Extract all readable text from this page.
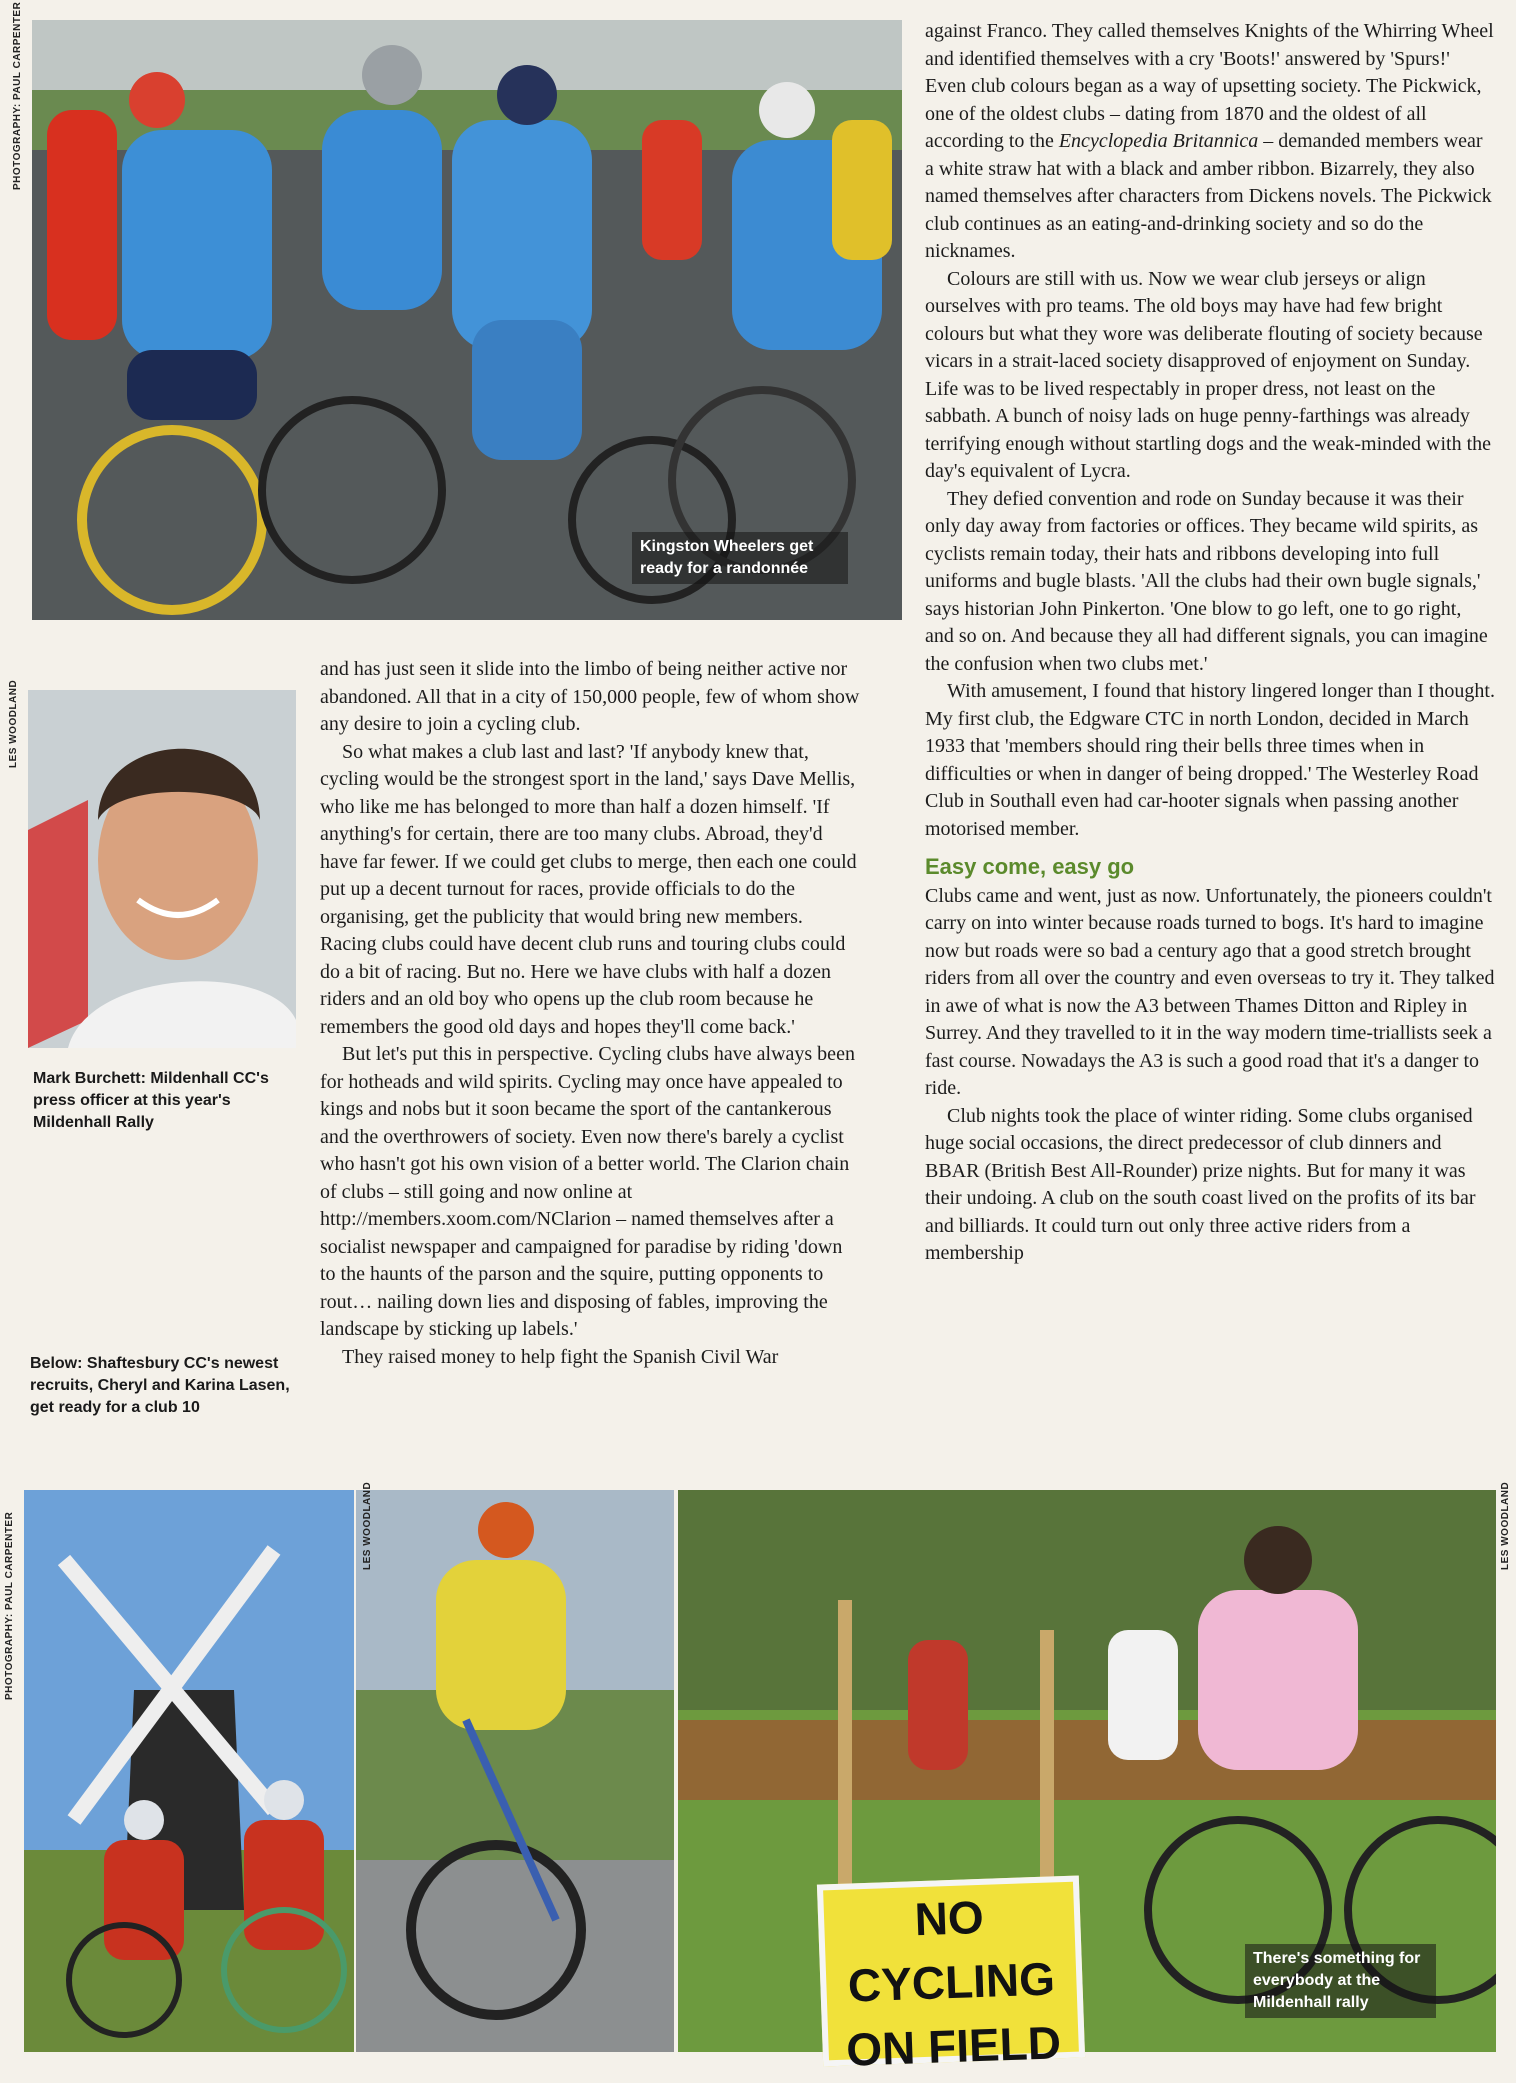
Kingston Wheelers get ready for a randonnée
PHOTOGRAPHY: PAUL CARPENTER
LES WOODLAND
Mark Burchett: Mildenhall CC's press officer at this year's Mildenhall Rally
Below: Shaftesbury CC's newest recruits, Cheryl and Karina Lasen, get ready for a club 10

and has just seen it slide into the limbo of being neither active nor abandoned. All that in a city of 150,000 people, few of whom show any desire to join a cycling club.

So what makes a club last and last? 'If anybody knew that, cycling would be the strongest sport in the land,' says Dave Mellis, who like me has belonged to more than half a dozen himself. 'If anything's for certain, there are too many clubs. Abroad, they'd have far fewer. If we could get clubs to merge, then each one could put up a decent turnout for races, provide officials to do the organising, get the publicity that would bring new members. Racing clubs could have decent club runs and touring clubs could do a bit of racing. But no. Here we have clubs with half a dozen riders and an old boy who opens up the club room because he remembers the good old days and hopes they'll come back.'

But let's put this in perspective. Cycling clubs have always been for hotheads and wild spirits. Cycling may once have appealed to kings and nobs but it soon became the sport of the cantankerous and the overthrowers of society. Even now there's barely a cyclist who hasn't got his own vision of a better world. The Clarion chain of clubs – still going and now online at http://members.xoom.com/NClarion – named themselves after a socialist newspaper and campaigned for paradise by riding 'down to the haunts of the parson and the squire, putting opponents to rout… nailing down lies and disposing of fables, improving the landscape by sticking up labels.'

They raised money to help fight the Spanish Civil War

against Franco. They called themselves Knights of the Whirring Wheel and identified themselves with a cry 'Boots!' answered by 'Spurs!' Even club colours began as a way of upsetting society. The Pickwick, one of the oldest clubs – dating from 1870 and the oldest of all according to the Encyclopedia Britannica – demanded members wear a white straw hat with a black and amber ribbon. Bizarrely, they also named themselves after characters from Dickens novels. The Pickwick club continues as an eating-and-drinking society and so do the nicknames.

Colours are still with us. Now we wear club jerseys or align ourselves with pro teams. The old boys may have had few bright colours but what they wore was deliberate flouting of society because vicars in a strait-laced society disapproved of enjoyment on Sunday. Life was to be lived respectably in proper dress, not least on the sabbath. A bunch of noisy lads on huge penny-farthings was already terrifying enough without startling dogs and the weak-minded with the day's equivalent of Lycra.

They defied convention and rode on Sunday because it was their only day away from factories or offices. They became wild spirits, as cyclists remain today, their hats and ribbons developing into full uniforms and bugle blasts. 'All the clubs had their own bugle signals,' says historian John Pinkerton. 'One blow to go left, one to go right, and so on. And because they all had different signals, you can imagine the confusion when two clubs met.'

With amusement, I found that history lingered longer than I thought. My first club, the Edgware CTC in north London, decided in March 1933 that 'members should ring their bells three times when in difficulties or when in danger of being dropped.' The Westerley Road Club in Southall even had car-hooter signals when passing another motorised member.

Easy come, easy go

Clubs came and went, just as now. Unfortunately, the pioneers couldn't carry on into winter because roads turned to bogs. It's hard to imagine now but roads were so bad a century ago that a good stretch brought riders from all over the country and even overseas to try it. They talked in awe of what is now the A3 between Thames Ditton and Ripley in Surrey. And they travelled to it in the way modern time-triallists seek a fast course. Nowadays the A3 is such a good road that it's a danger to ride.

Club nights took the place of winter riding. Some clubs organised huge social occasions, the direct predecessor of club dinners and BBAR (British Best All-Rounder) prize nights. But for many it was their undoing. A club on the south coast lived on the profits of its bar and billiards. It could turn out only three active riders from a membership

PHOTOGRAPHY: PAUL CARPENTER	LES WOODLAND
NO CYCLING
ON FIELD
There's something for everybody at the Mildenhall rally
LES WOODLAND
